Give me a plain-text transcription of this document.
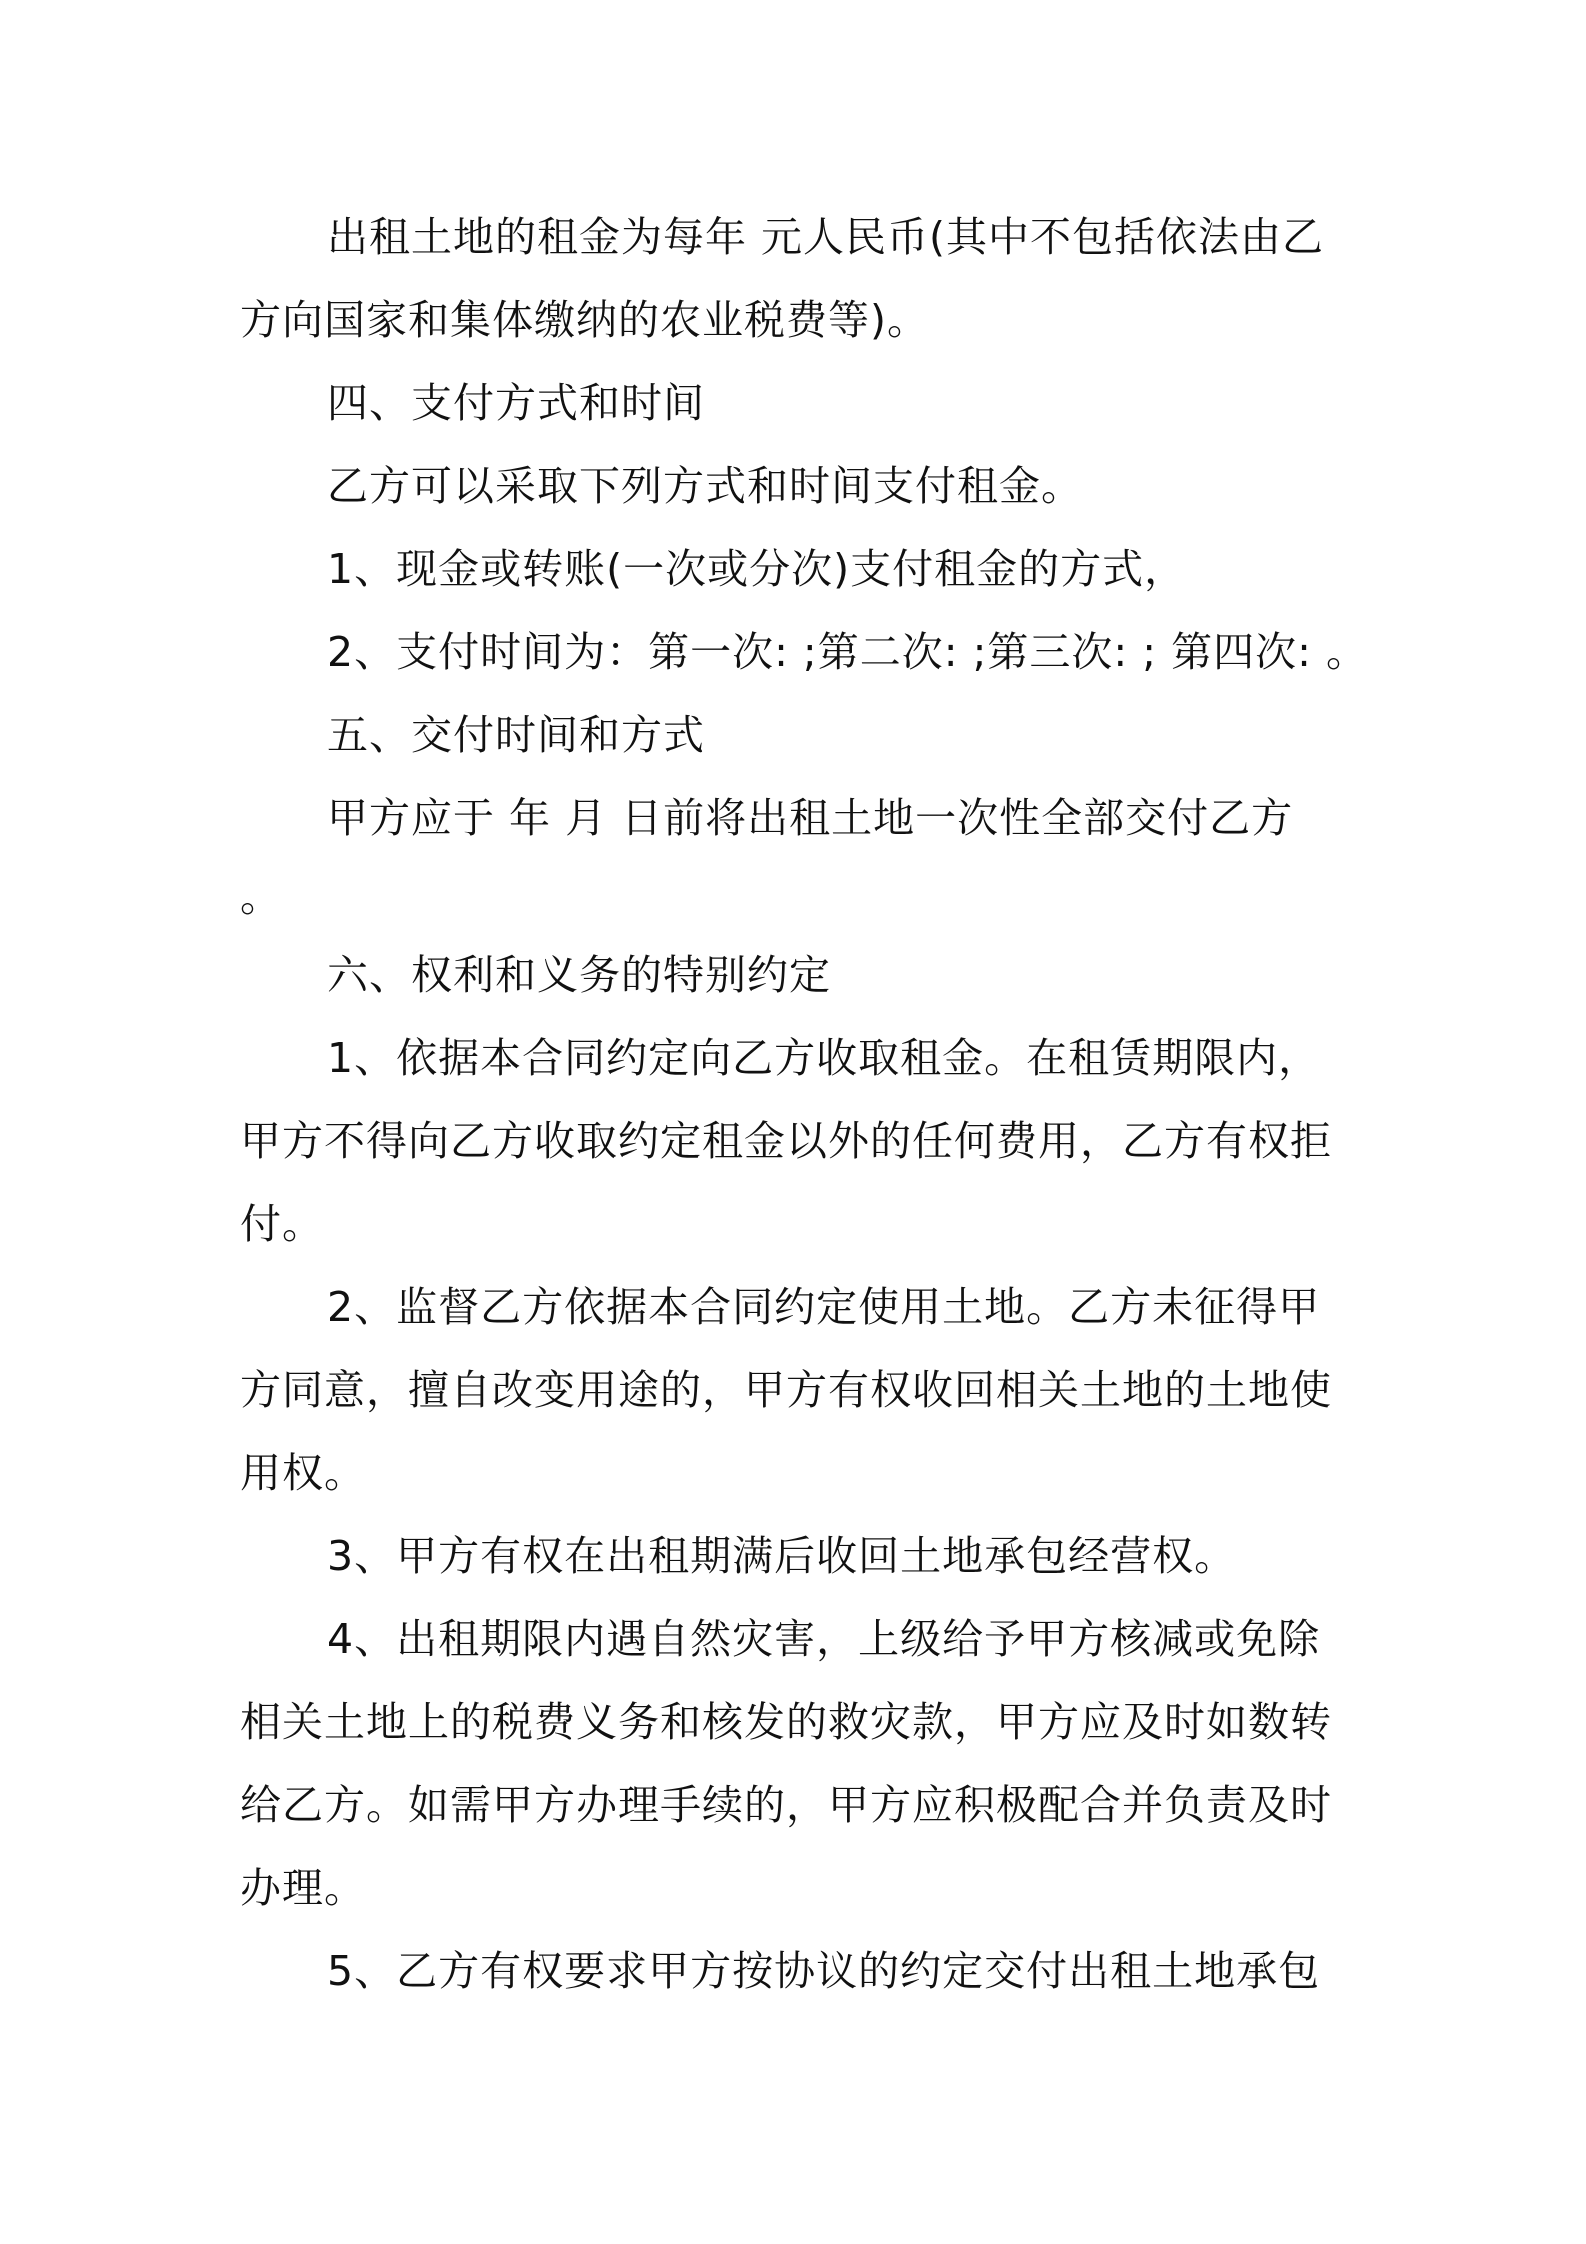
出租土地的租金为每年 元人民币(其中不包括依法由乙
方向国家和集体缴纳的农业税费等)。
四、支付方式和时间
乙方可以采取下列方式和时间支付租金。
1、现金或转账(一次或分次)支付租金的方式，
2、支付时间为：第一次: ;第二次: ;第三次: ; 第四次: 。
五、交付时间和方式
甲方应于 年 月 日前将出租土地一次性全部交付乙方
。
六、权利和义务的特别约定
1、依据本合同约定向乙方收取租金。在租赁期限内，
甲方不得向乙方收取约定租金以外的任何费用，乙方有权拒
付。
2、监督乙方依据本合同约定使用土地。乙方未征得甲
方同意，擅自改变用途的，甲方有权收回相关土地的土地使
用权。
3、甲方有权在出租期满后收回土地承包经营权。
4、出租期限内遇自然灾害，上级给予甲方核减或免除
相关土地上的税费义务和核发的救灾款，甲方应及时如数转
给乙方。如需甲方办理手续的，甲方应积极配合并负责及时
办理。
5、乙方有权要求甲方按协议的约定交付出租土地承包
